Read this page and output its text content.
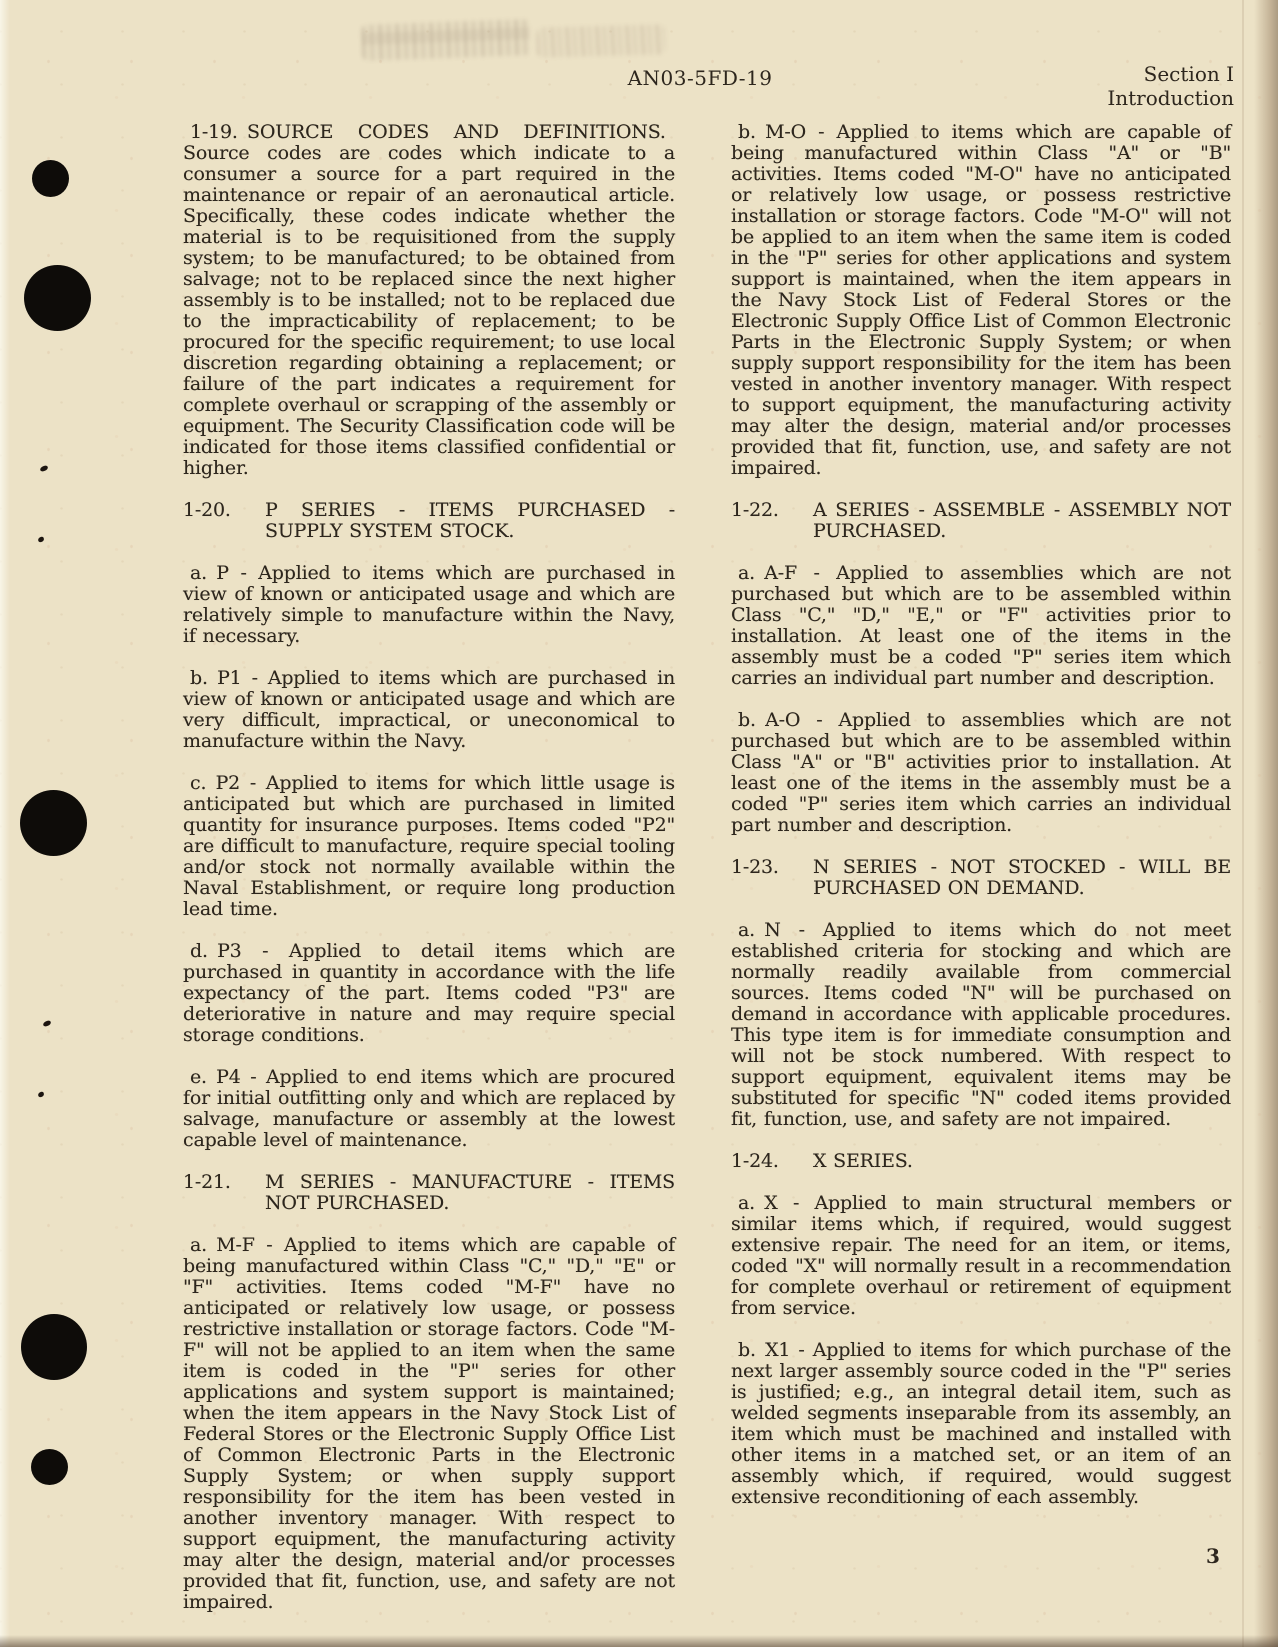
AN03-5FD-19	Section I
Introduction

1-19. SOURCE CODES AND DEFINITIONS. Source codes are codes which indicate to a consumer a source for a part required in the maintenance or repair of an aeronautical article. Specifically, these codes indicate whether the material is to be requisitioned from the supply system; to be manufactured; to be obtained from salvage; not to be replaced since the next higher assembly is to be installed; not to be replaced due to the impracticability of replacement; to be procured for the specific requirement; to use local discretion regarding obtaining a replacement; or failure of the part indicates a requirement for complete overhaul or scrapping of the assembly or equipment. The Security Classification code will be indicated for those items classified confidential or higher.

1-20. P SERIES - ITEMS PURCHASED - SUPPLY SYSTEM STOCK.

a. P - Applied to items which are purchased in view of known or anticipated usage and which are relatively simple to manufacture within the Navy, if necessary.

b. P1 - Applied to items which are purchased in view of known or anticipated usage and which are very difficult, impractical, or uneconomical to manufacture within the Navy.

c. P2 - Applied to items for which little usage is anticipated but which are purchased in limited quantity for insurance purposes. Items coded "P2" are difficult to manufacture, require special tooling and/or stock not normally available within the Naval Establishment, or require long production lead time.

d. P3 - Applied to detail items which are purchased in quantity in accordance with the life expectancy of the part. Items coded "P3" are deteriorative in nature and may require special storage conditions.

e. P4 - Applied to end items which are procured for initial outfitting only and which are replaced by salvage, manufacture or assembly at the lowest capable level of maintenance.

1-21. M SERIES - MANUFACTURE - ITEMS NOT PURCHASED.

a. M-F - Applied to items which are capable of being manufactured within Class "C," "D," "E" or "F" activities. Items coded "M-F" have no anticipated or relatively low usage, or possess restrictive installation or storage factors. Code "M-F" will not be applied to an item when the same item is coded in the "P" series for other applications and system support is maintained; when the item appears in the Navy Stock List of Federal Stores or the Electronic Supply Office List of Common Electronic Parts in the Electronic Supply System; or when supply support responsibility for the item has been vested in another inventory manager. With respect to support equipment, the manufacturing activity may alter the design, material and/or processes provided that fit, function, use, and safety are not impaired.

b. M-O - Applied to items which are capable of being manufactured within Class "A" or "B" activities. Items coded "M-O" have no anticipated or relatively low usage, or possess restrictive installation or storage factors. Code "M-O" will not be applied to an item when the same item is coded in the "P" series for other applications and system support is maintained, when the item appears in the Navy Stock List of Federal Stores or the Electronic Supply Office List of Common Electronic Parts in the Electronic Supply System; or when supply support responsibility for the item has been vested in another inventory manager. With respect to support equipment, the manufacturing activity may alter the design, material and/or processes provided that fit, function, use, and safety are not impaired.

1-22. A SERIES - ASSEMBLE - ASSEMBLY NOT PURCHASED.

a. A-F - Applied to assemblies which are not purchased but which are to be assembled within Class "C," "D," "E," or "F" activities prior to installation. At least one of the items in the assembly must be a coded "P" series item which carries an individual part number and description.

b. A-O - Applied to assemblies which are not purchased but which are to be assembled within Class "A" or "B" activities prior to installation. At least one of the items in the assembly must be a coded "P" series item which carries an individual part number and description.

1-23. N SERIES - NOT STOCKED - WILL BE PURCHASED ON DEMAND.

a. N - Applied to items which do not meet established criteria for stocking and which are normally readily available from commercial sources. Items coded "N" will be purchased on demand in accordance with applicable procedures. This type item is for immediate consumption and will not be stock numbered. With respect to support equipment, equivalent items may be substituted for specific "N" coded items provided fit, function, use, and safety are not impaired.

1-24. X SERIES.

a. X - Applied to main structural members or similar items which, if required, would suggest extensive repair. The need for an item, or items, coded "X" will normally result in a recommendation for complete overhaul or retirement of equipment from service.

b. X1 - Applied to items for which purchase of the next larger assembly source coded in the "P" series is justified; e.g., an integral detail item, such as welded segments inseparable from its assembly, an item which must be machined and installed with other items in a matched set, or an item of an assembly which, if required, would suggest extensive reconditioning of each assembly.

3
